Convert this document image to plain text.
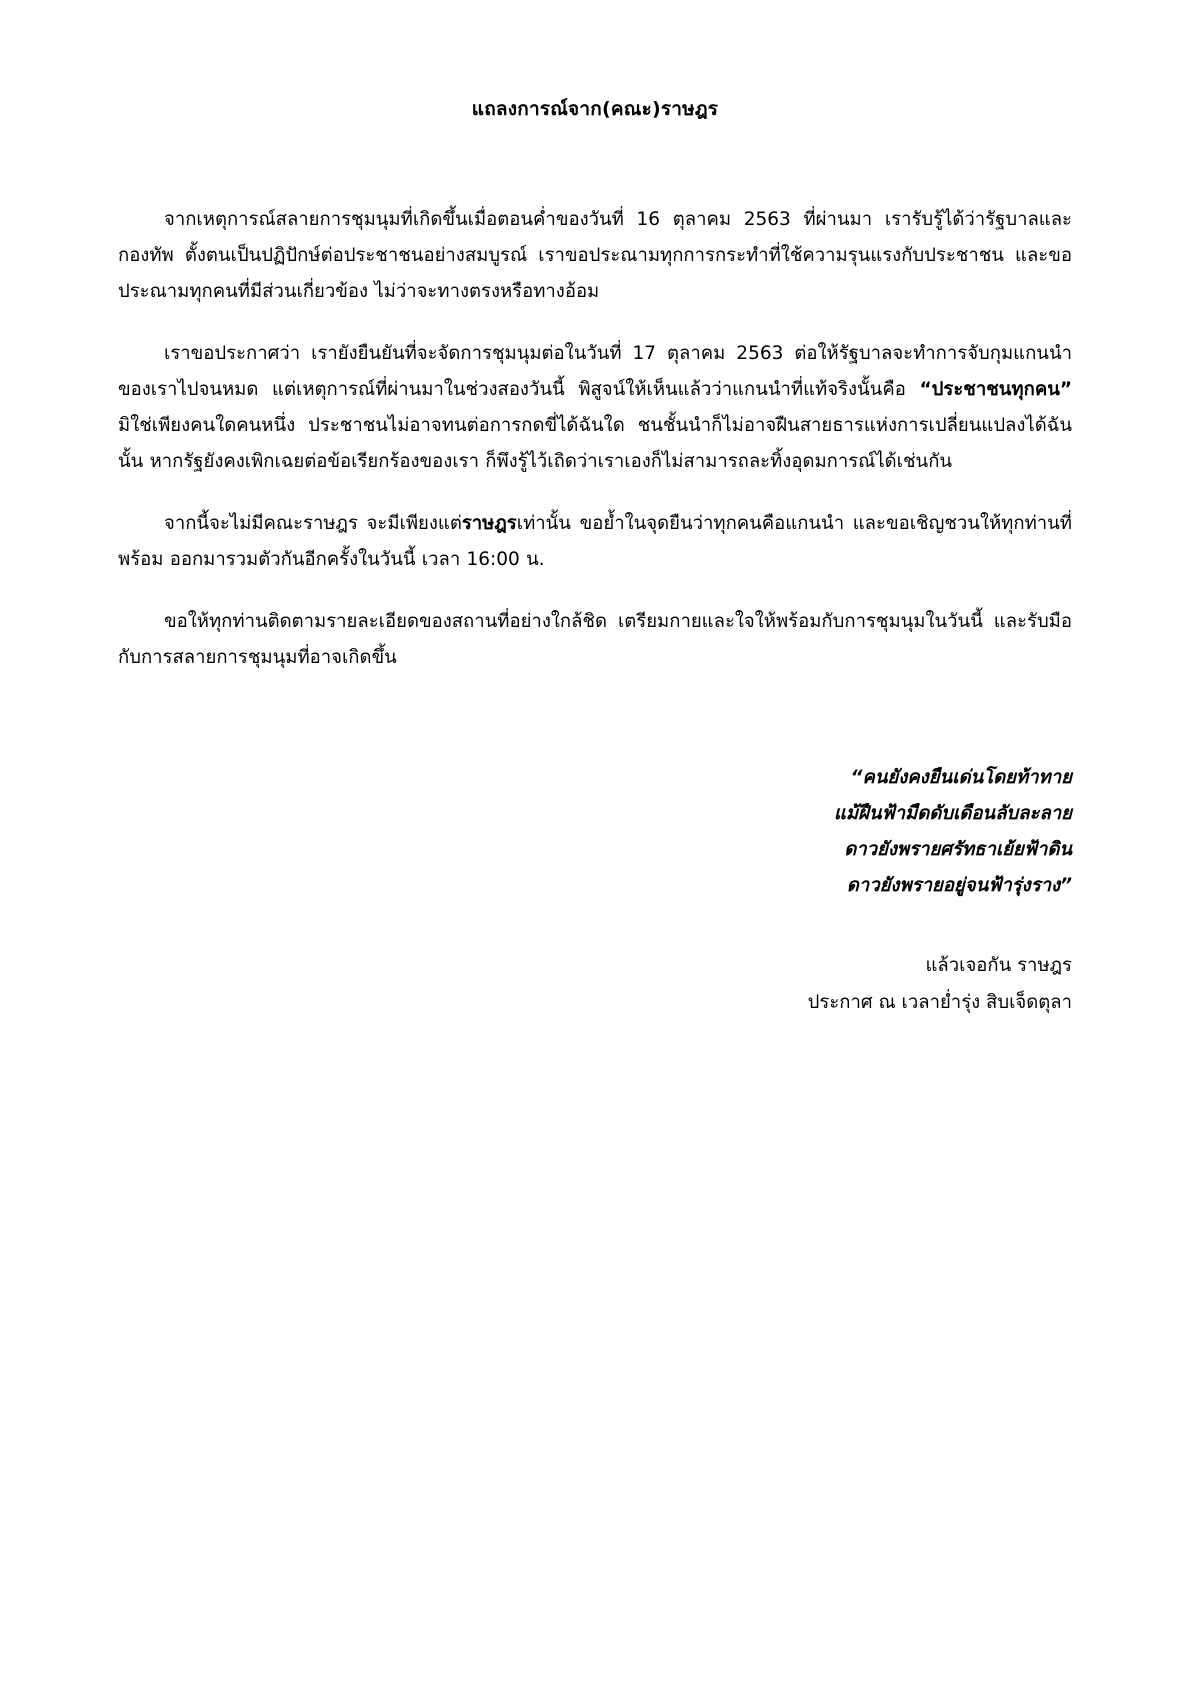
แถลงการณ์จาก(คณะ)ราษฎร

จากเหตุการณ์สลายการชุมนุมที่เกิดขึ้นเมื่อตอนค่ำของวันที่ 16 ตุลาคม 2563 ที่ผ่านมา เรารับรู้ได้ว่ารัฐบาลและกองทัพ ตั้งตนเป็นปฏิปักษ์ต่อประชาชนอย่างสมบูรณ์ เราขอประณามทุกการกระทำที่ใช้ความรุนแรงกับประชาชน และขอประณามทุกคนที่มีส่วนเกี่ยวข้อง ไม่ว่าจะทางตรงหรือทางอ้อม

เราขอประกาศว่า เรายังยืนยันที่จะจัดการชุมนุมต่อในวันที่ 17 ตุลาคม 2563 ต่อให้รัฐบาลจะทำการจับกุมแกนนำของเราไปจนหมด แต่เหตุการณ์ที่ผ่านมาในช่วงสองวันนี้ พิสูจน์ให้เห็นแล้วว่าแกนนำที่แท้จริงนั้นคือ “ประชาชนทุกคน” มิใช่เพียงคนใดคนหนึ่ง ประชาชนไม่อาจทนต่อการกดขี่ได้ฉันใด ชนชั้นนำก็ไม่อาจฝืนสายธารแห่งการเปลี่ยนแปลงได้ฉันนั้น หากรัฐยังคงเพิกเฉยต่อข้อเรียกร้องของเรา ก็พึงรู้ไว้เถิดว่าเราเองก็ไม่สามารถละทิ้งอุดมการณ์ได้เช่นกัน

จากนี้จะไม่มีคณะราษฎร จะมีเพียงแต่ราษฎรเท่านั้น ขอย้ำในจุดยืนว่าทุกคนคือแกนนำ และขอเชิญชวนให้ทุกท่านที่พร้อม ออกมารวมตัวกันอีกครั้งในวันนี้ เวลา 16:00 น.

ขอให้ทุกท่านติดตามรายละเอียดของสถานที่อย่างใกล้ชิด เตรียมกายและใจให้พร้อมกับการชุมนุมในวันนี้ และรับมือกับการสลายการชุมนุมที่อาจเกิดขึ้น

“คนยังคงยืนเด่นโดยท้าทาย
แม้ฝืนฟ้ามืดดับเดือนลับละลาย
ดาวยังพรายศรัทธาเย้ยฟ้าดิน
ดาวยังพรายอยู่จนฟ้ารุ่งราง”
แล้วเจอกัน ราษฎร
ประกาศ ณ เวลาย่ำรุ่ง สิบเจ็ดตุลา
